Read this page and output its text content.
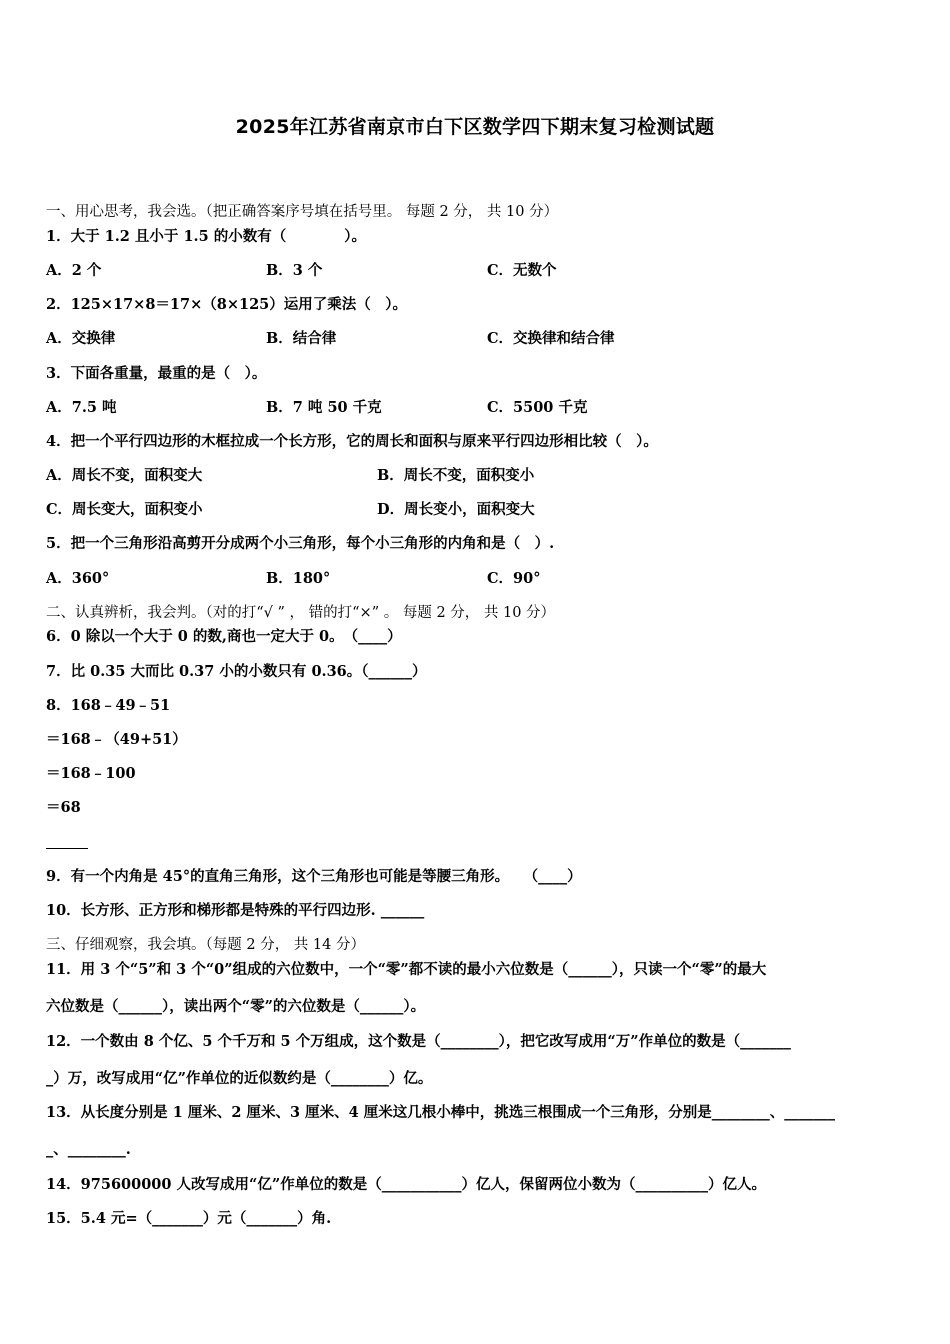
2025年江苏省南京市白下区数学四下期末复习检测试题
一、用心思考，我会选。（把正确答案序号填在括号里。 每题 2 分， 共 10 分）
1．大于 1.2 且小于 1.5 的小数有（　　　　）。
A．2 个	B．3 个	C．无数个
2．125×17×8＝17×（8×125）运用了乘法（　）。
A．交换律	B．结合律	C．交换律和结合律
3．下面各重量，最重的是（　）。
A．7.5 吨	B．7 吨 50 千克	C．5500 千克
4．把一个平行四边形的木框拉成一个长方形，它的周长和面积与原来平行四边形相比较（　）。
A．周长不变，面积变大	B．周长不变，面积变小
C．周长变大，面积变小	D．周长变小，面积变大
5．把一个三角形沿高剪开分成两个小三角形，每个小三角形的内角和是（　）.
A．360°	B．180°	C．90°
二、认真辨析，我会判。（对的打“√ ” ， 错的打“×” 。 每题 2 分， 共 10 分）
6．0 除以一个大于 0 的数,商也一定大于 0。　（____）
7．比 0.35 大而比 0.37 小的小数只有 0.36。（______）
8．168﹣49﹣51
＝168﹣（49+51）
＝168﹣100
＝68
9．有一个内角是 45°的直角三角形，这个三角形也可能是等腰三角形。　　（____）
10．长方形、正方形和梯形都是特殊的平行四边形. ______
三、仔细观察，我会填。（每题 2 分， 共 14 分）
11．用 3 个“5”和 3 个“0”组成的六位数中，一个“零”都不读的最小六位数是（______），只读一个“零”的最大
六位数是（______），读出两个“零”的六位数是（______）。
12．一个数由 8 个亿、5 个千万和 5 个万组成，这个数是（________），把它改写成用“万”作单位的数是（_______
_）万，改写成用“亿”作单位的近似数约是（________）亿。
13．从长度分别是 1 厘米、2 厘米、3 厘米、4 厘米这几根小棒中，挑选三根围成一个三角形，分别是________、_______
_、________.
14．975600000 人改写成用“亿”作单位的数是（___________）亿人，保留两位小数为（__________）亿人。
15．5.4 元=（_______）元（_______）角.
